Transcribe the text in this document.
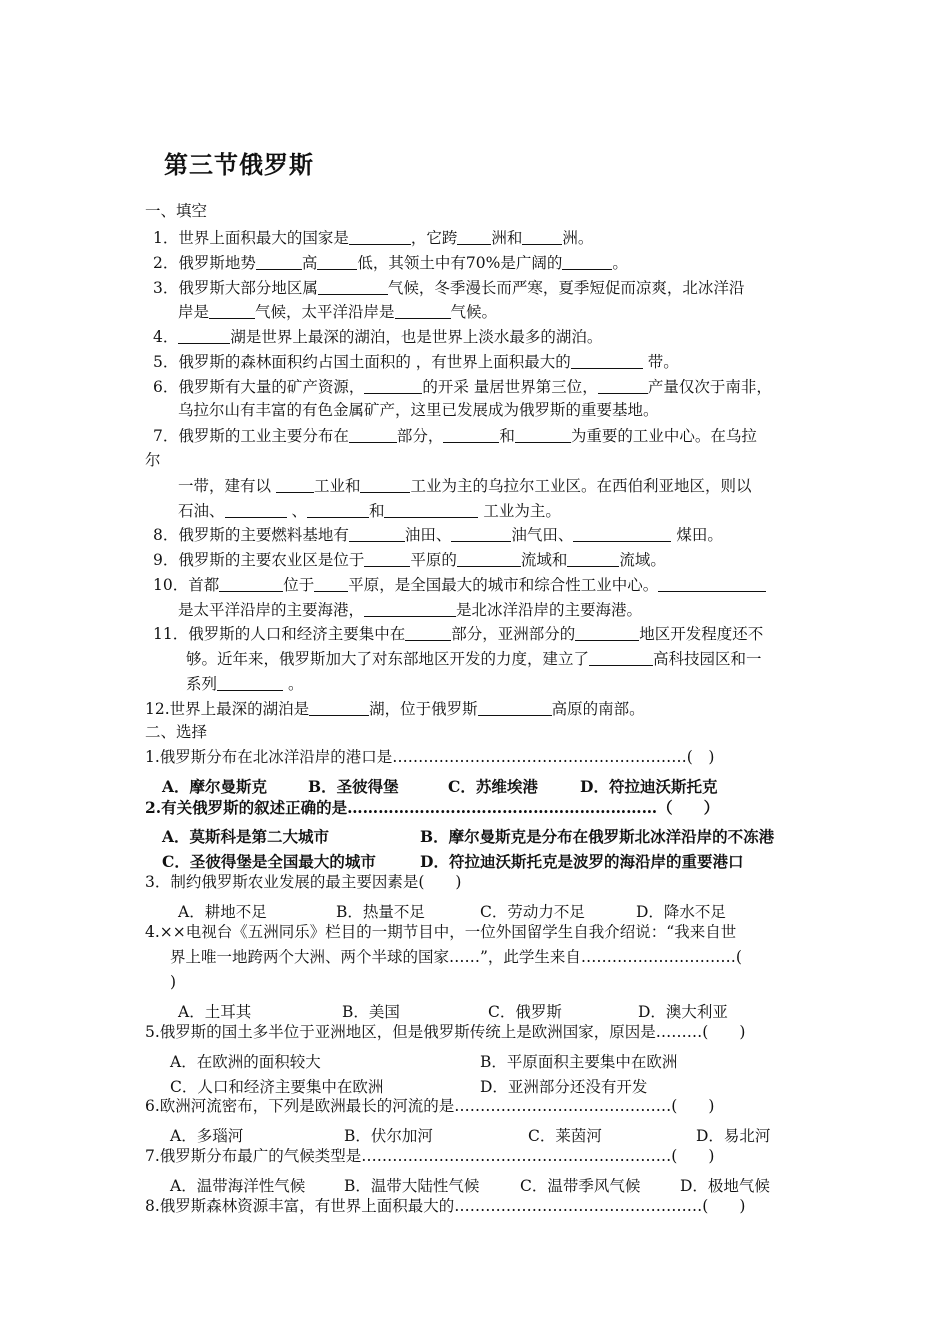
第三节俄罗斯
一、填空
1．世界上面积最大的国家是	，它跨 洲和	洲。
2．俄罗斯地势	高	低，其领土中有70%是广阔的	。
3．俄罗斯大部分地区属	气候，冬季漫长而严寒，夏季短促而凉爽，北冰洋沿
岸是	气候，太平洋沿岸是	气候。
4．	湖是世界上最深的湖泊，也是世界上淡水最多的湖泊。
5．俄罗斯的森林面积约占国土面积的 ，有世界上面积最大的	带。
6．俄罗斯有大量的矿产资源，	的开采 量居世界第三位，	产量仅次于南非，
乌拉尔山有丰富的有色金属矿产，这里已发展成为俄罗斯的重要基地。
7．俄罗斯的工业主要分布在	部分，	和	为重要的工业中心。在乌拉
尔
一带，建有以 工业和	工业为主的乌拉尔工业区。在西伯利亚地区，则以
石油、	、	和	工业为主。
8．俄罗斯的主要燃料基地有	油田、	油气田、	煤田。
9．俄罗斯的主要农业区是位于	平原的	流域和	流域。
10．首都	位于 平原，是全国最大的城市和综合性工业中心。
是太平洋沿岸的主要海港，	是北冰洋沿岸的主要海港。
11．俄罗斯的人口和经济主要集中在	部分，亚洲部分的	地区开发程度还不
够。近年来，俄罗斯加大了对东部地区开发的力度，建立了	高科技园区和一
系列	。
12.世界上最深的湖泊是	湖，位于俄罗斯	高原的南部。
二、选择
1.俄罗斯分布在北冰洋沿岸的港口是…………………………………………………(　)
A．摩尔曼斯克	B．圣彼得堡	C．苏维埃港	D．符拉迪沃斯托克
2.有关俄罗斯的叙述正确的是……………………………………………………（　　）
A．莫斯科是第二大城市	B．摩尔曼斯克是分布在俄罗斯北冰洋沿岸的不冻港
C．圣彼得堡是全国最大的城市	D．符拉迪沃斯托克是波罗的海沿岸的重要港口
3．制约俄罗斯农业发展的最主要因素是(　　)
A．耕地不足	B．热量不足	C．劳动力不足	D．降水不足
4.××电视台《五洲同乐》栏目的一期节目中，一位外国留学生自我介绍说：“我来自世
界上唯一地跨两个大洲、两个半球的国家……”，此学生来自…………………………(
)
A．土耳其	B．美国	C．俄罗斯	D．澳大利亚
5.俄罗斯的国土多半位于亚洲地区，但是俄罗斯传统上是欧洲国家，原因是………(　　)
A．在欧洲的面积较大	B．平原面积主要集中在欧洲
C．人口和经济主要集中在欧洲	D．亚洲部分还没有开发
6.欧洲河流密布，下列是欧洲最长的河流的是……………………………………(　　)
A．多瑙河	B．伏尔加河	C．莱茵河	D．易北河
7.俄罗斯分布最广的气候类型是……………………………………………………(　　)
A．温带海洋性气候	B．温带大陆性气候	C．温带季风气候	D．极地气候
8.俄罗斯森林资源丰富，有世界上面积最大的…………………………………………(　　)
